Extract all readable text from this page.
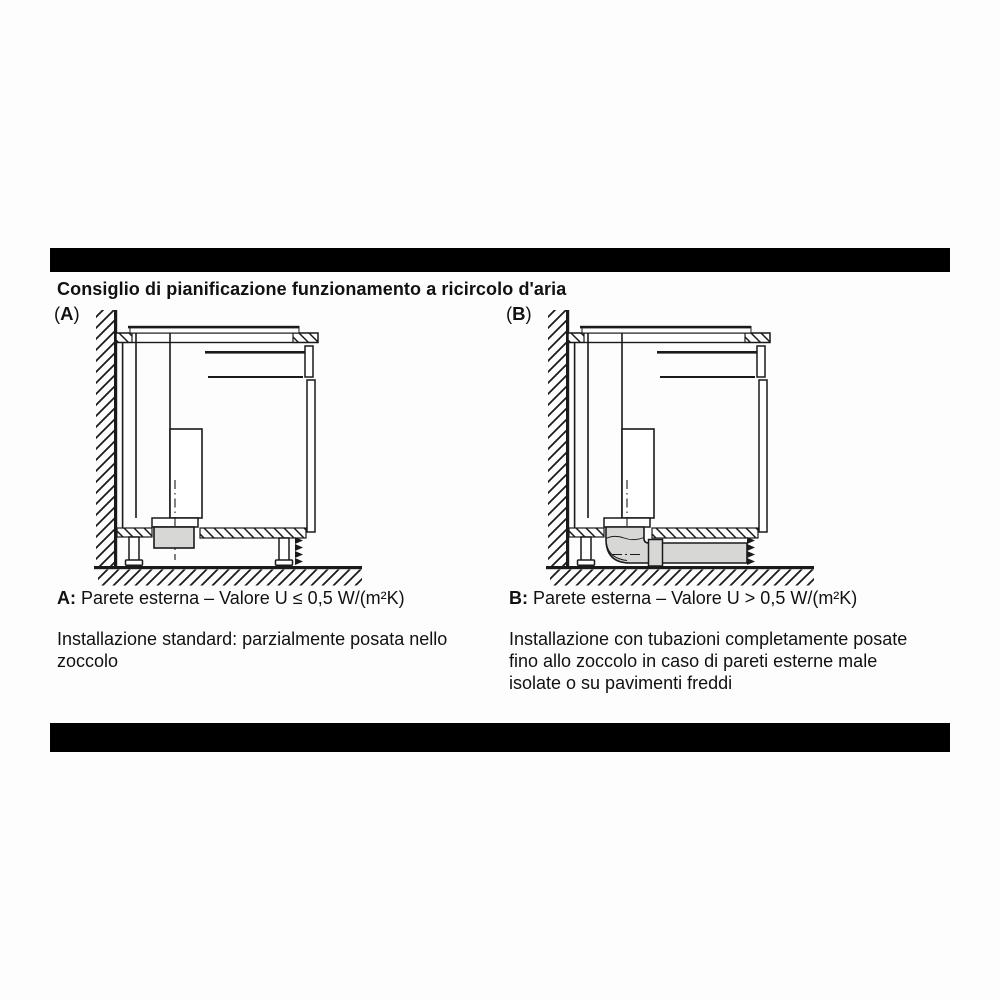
Consiglio di pianificazione funzionamento a ricircolo d'aria
(A)	(B)

A: Parete esterna – Valore U ≤ 0,5 W/(m²K)	B: Parete esterna – Valore U > 0,5 W/(m²K)

Installazione standard: parzialmente posata nello zoccolo

Installazione con tubazioni completamente posate fino allo zoccolo in caso di pareti esterne male isolate o su pavimenti freddi
